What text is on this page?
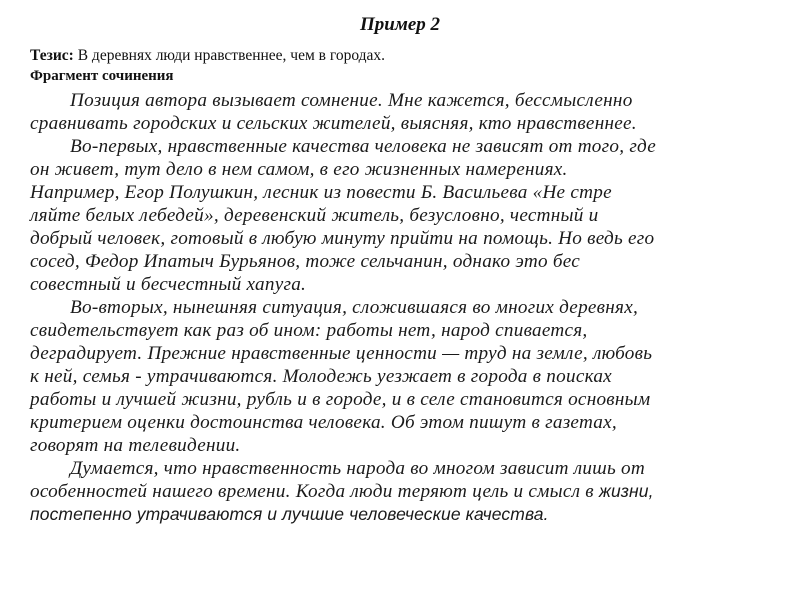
Пример 2
Тезис: В деревнях люди нравственнее, чем в городах.
Фрагмент сочинения

Позиция автора вызывает сомнение. Мне кажется, бессмысленно
сравнивать городских и сельских жителей, выясняя, кто нравственнее.

Во-первых, нравственные качества человека не зависят от того, где
он живет, тут дело в нем самом, в его жизненных намерениях.
Например, Егор Полушкин, лесник из повести Б. Васильева «Не стре
ляйте белых лебедей», деревенский житель, безусловно, честный и
добрый человек, готовый в любую минуту прийти на помощь. Но ведь его
сосед, Федор Ипатыч Бурьянов, тоже сельчанин, однако это бес
совестный и бесчестный хапуга.

Во-вторых, нынешняя ситуация, сложившаяся во многих деревнях,
свидетельствует как раз об ином: работы нет, народ спивается,
деградирует. Прежние нравственные ценности — труд на земле, любовь
к ней, семья - утрачиваются. Молодежь уезжает в города в поисках
работы и лучшей жизни, рубль и в городе, и в селе становится основным
критерием оценки достоинства человека. Об этом пишут в газетах,
говорят на телевидении.

Думается, что нравственность народа во многом зависит лишь от
особенностей нашего времени. Когда люди теряют цель и смысл в жизни,
постепенно утрачиваются и лучшие человеческие качества.
